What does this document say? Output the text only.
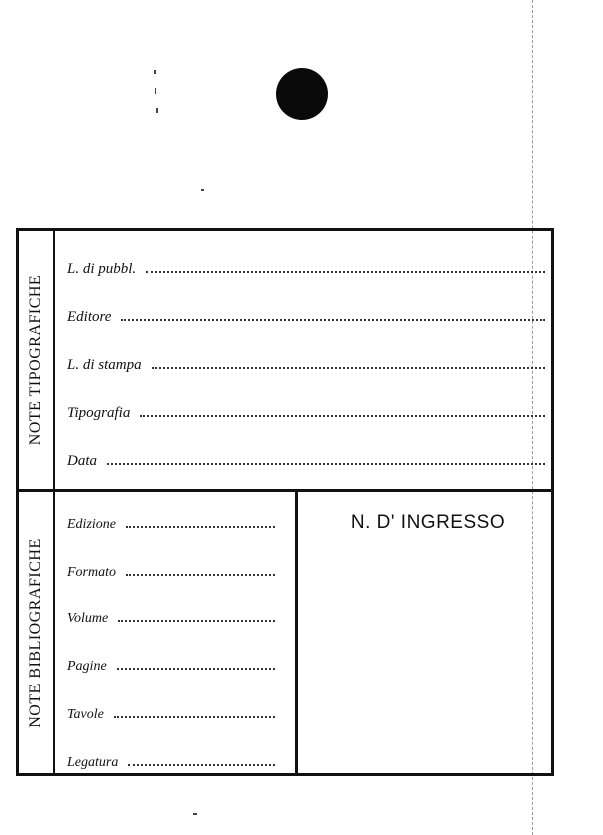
NOTE TIPOGRAFICHE
L. di pubbl.
Editore
L. di stampa
Tipografia
Data
NOTE BIBLIOGRAFICHE
Edizione
Formato
Volume
Pagine
Tavole
Legatura
N. D' INGRESSO
